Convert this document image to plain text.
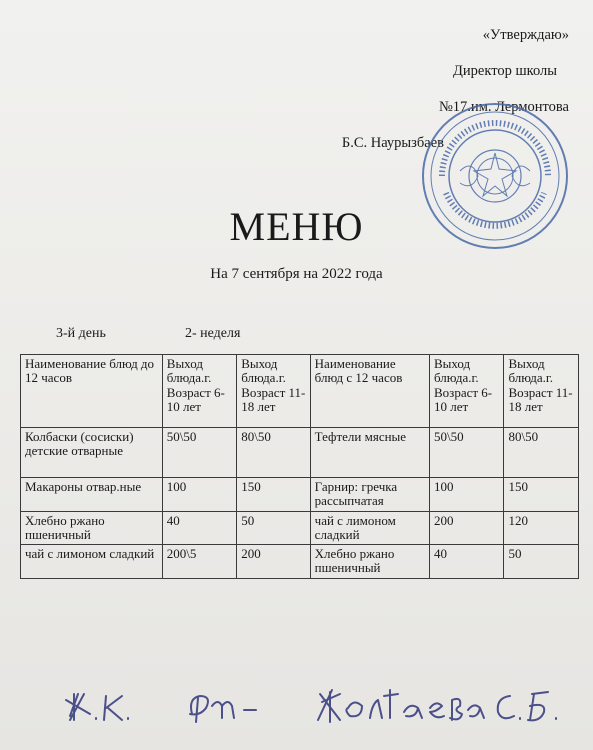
«Утверждаю»
Директор школы
№17.им. Лермонтова
Б.С. Наурызбаев
МЕНЮ
На 7 сентября на 2022 года
3-й день	2- неделя
Наименование блюд до 12 часов	Выход блюда.г. Возраст 6-10 лет	Выход блюда.г. Возраст 11-18 лет	Наименование блюд с 12 часов	Выход блюда.г. Возраст 6-10 лет	Выход блюда.г. Возраст 11-18 лет
Колбаски (сосиски) детские отварные	50\50	80\50	Тефтели мясные	50\50	80\50
Макароны отвар.ные	100	150	Гарнир: гречка рассыпчатая	100	150
Хлебно ржано пшеничный	40	50	чай с лимоном сладкий	200	120
чай с лимоном сладкий	200\5	200	Хлебно ржано пшеничный	40	50
